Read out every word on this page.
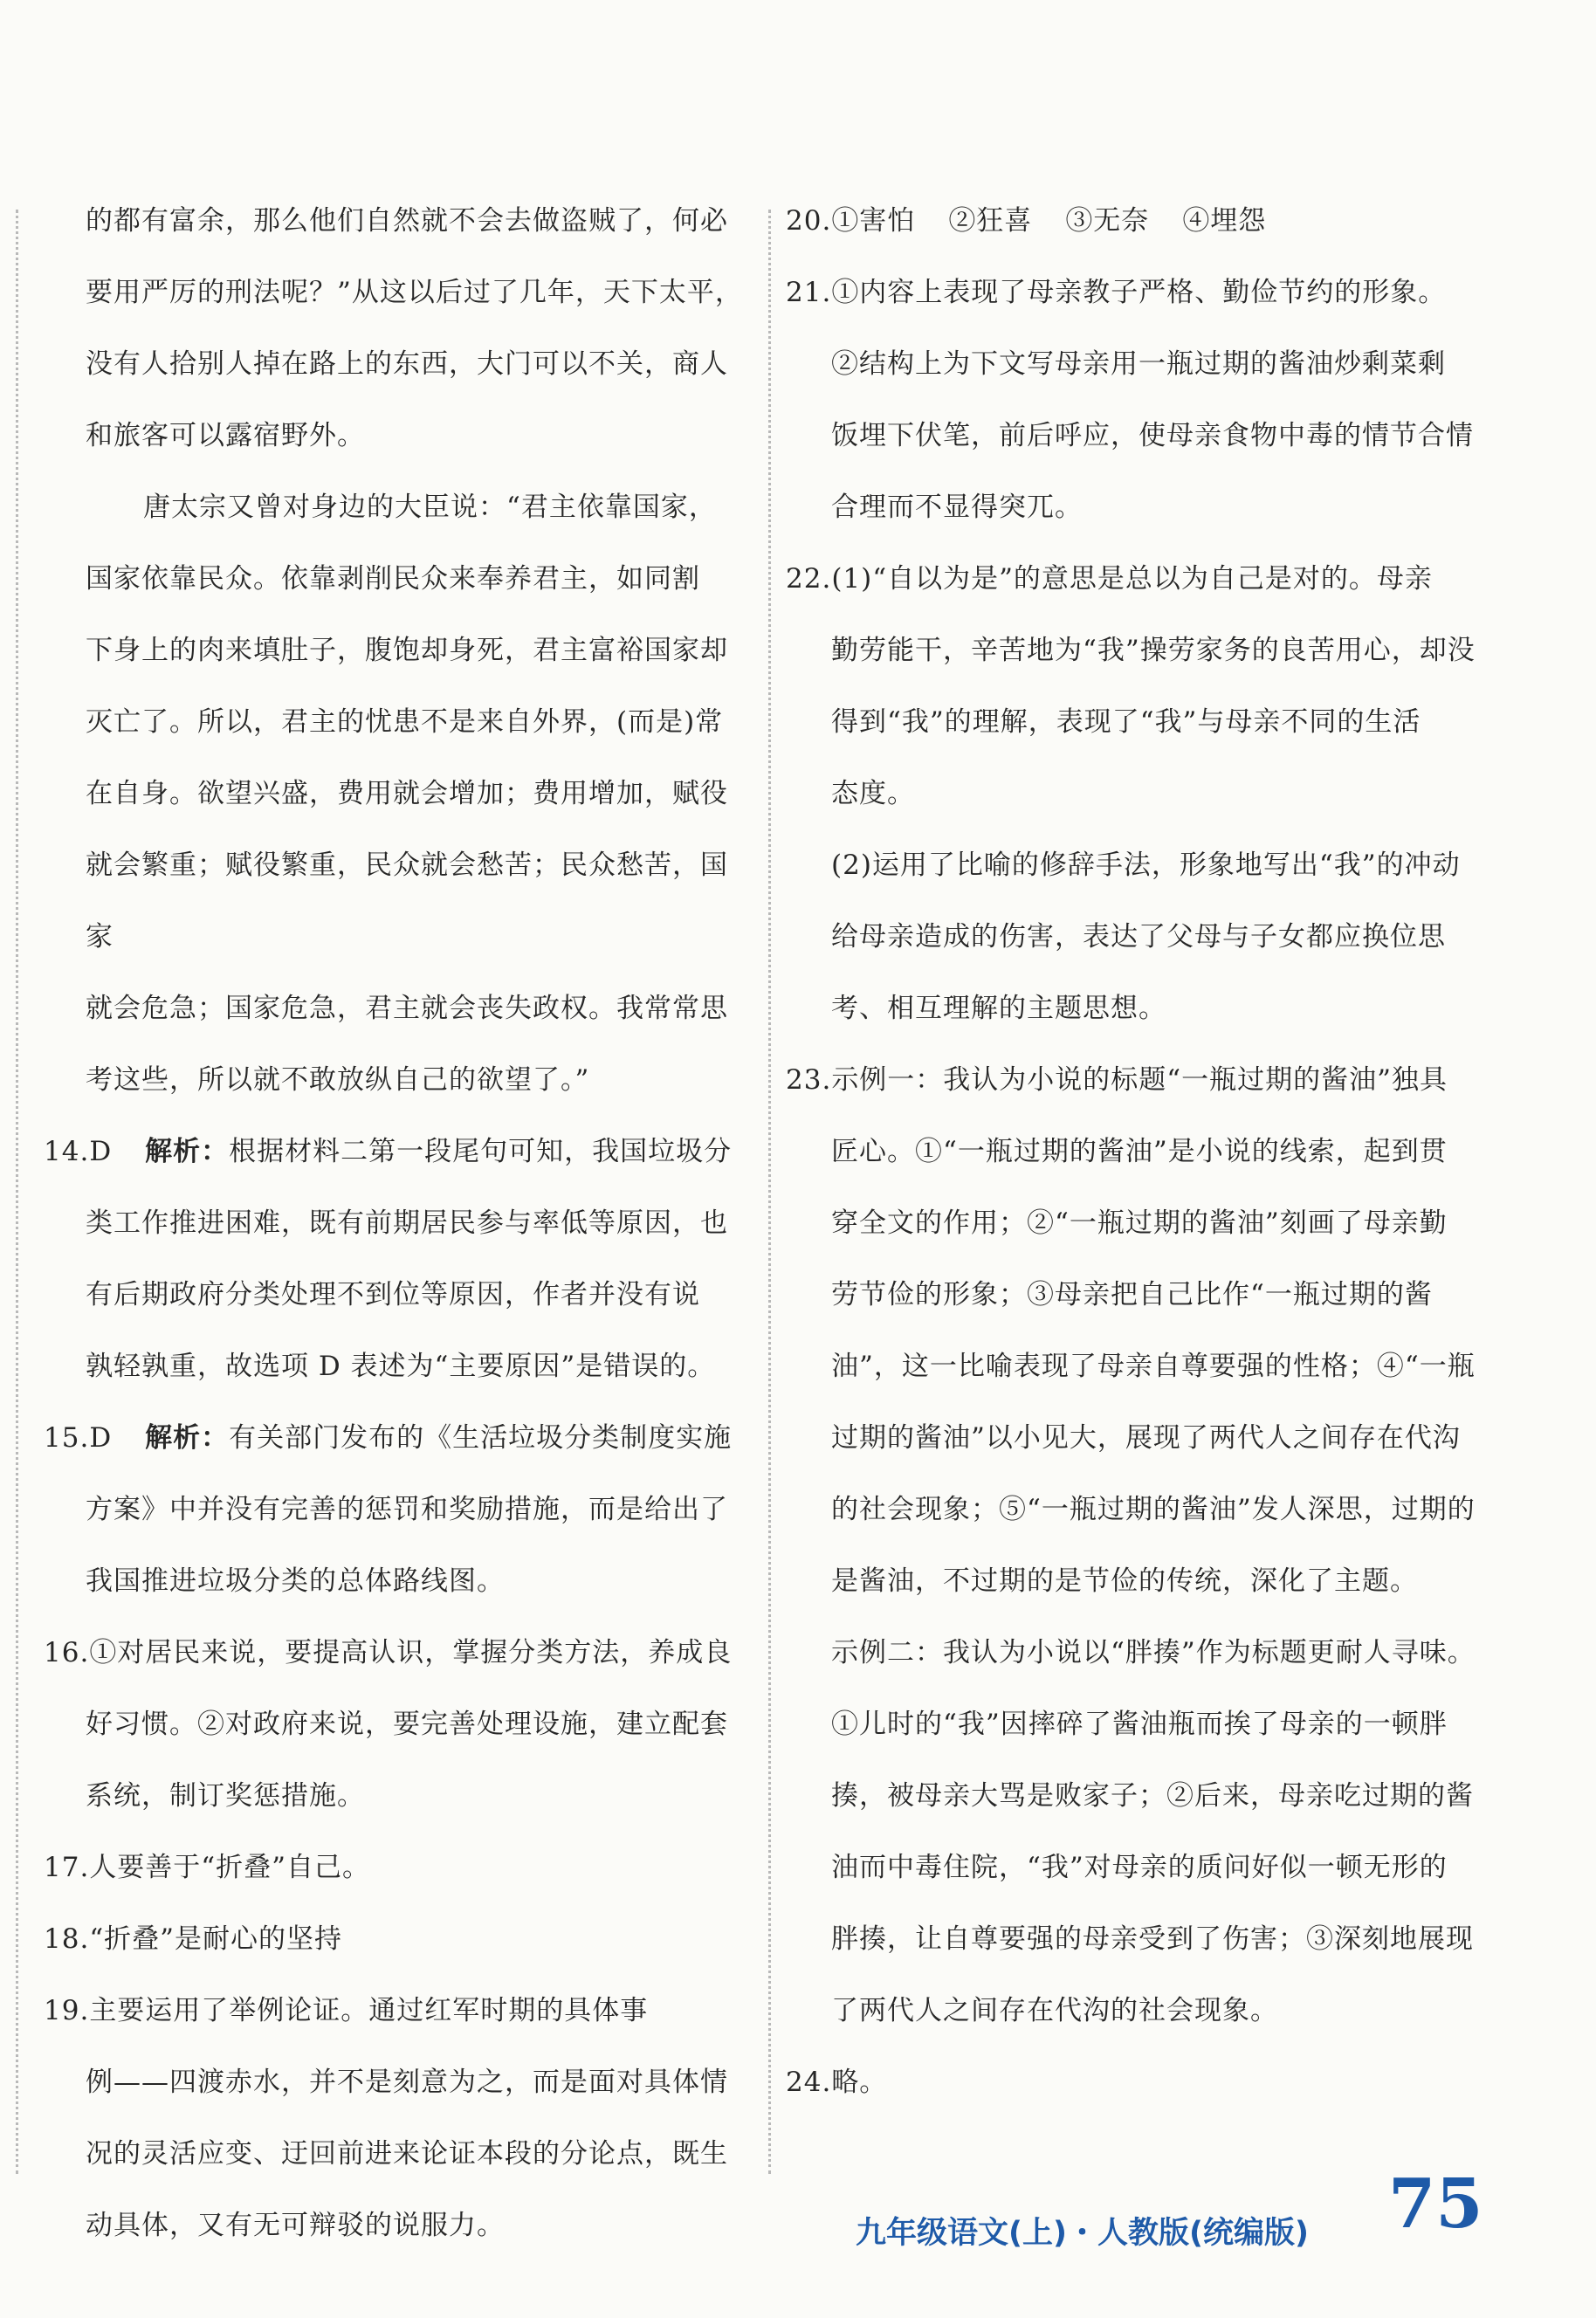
的都有富余，那么他们自然就不会去做盗贼了，何必

要用严厉的刑法呢？”从这以后过了几年，天下太平，

没有人拾别人掉在路上的东西，大门可以不关，商人

和旅客可以露宿野外。

唐太宗又曾对身边的大臣说：“君主依靠国家，

国家依靠民众。依靠剥削民众来奉养君主，如同割

下身上的肉来填肚子，腹饱却身死，君主富裕国家却

灭亡了。所以，君主的忧患不是来自外界，(而是)常

在自身。欲望兴盛，费用就会增加；费用增加，赋役

就会繁重；赋役繁重，民众就会愁苦；民众愁苦，国家

就会危急；国家危急，君主就会丧失政权。我常常思

考这些，所以就不敢放纵自己的欲望了。”

14.D 解析：根据材料二第一段尾句可知，我国垃圾分

类工作推进困难，既有前期居民参与率低等原因，也

有后期政府分类处理不到位等原因，作者并没有说

孰轻孰重，故选项 D 表述为“主要原因”是错误的。

15.D 解析：有关部门发布的《生活垃圾分类制度实施

方案》中并没有完善的惩罚和奖励措施，而是给出了

我国推进垃圾分类的总体路线图。

16.①对居民来说，要提高认识，掌握分类方法，养成良

好习惯。②对政府来说，要完善处理设施，建立配套

系统，制订奖惩措施。

17.人要善于“折叠”自己。

18.“折叠”是耐心的坚持

19.主要运用了举例论证。通过红军时期的具体事

例——四渡赤水，并不是刻意为之，而是面对具体情

况的灵活应变、迂回前进来论证本段的分论点，既生

动具体，又有无可辩驳的说服力。

20.①害怕 ②狂喜 ③无奈 ④埋怨

21.①内容上表现了母亲教子严格、勤俭节约的形象。

②结构上为下文写母亲用一瓶过期的酱油炒剩菜剩

饭埋下伏笔，前后呼应，使母亲食物中毒的情节合情

合理而不显得突兀。

22.(1)“自以为是”的意思是总以为自己是对的。母亲

勤劳能干，辛苦地为“我”操劳家务的良苦用心，却没

得到“我”的理解，表现了“我”与母亲不同的生活

态度。

(2)运用了比喻的修辞手法，形象地写出“我”的冲动

给母亲造成的伤害，表达了父母与子女都应换位思

考、相互理解的主题思想。

23.示例一：我认为小说的标题“一瓶过期的酱油”独具

匠心。①“一瓶过期的酱油”是小说的线索，起到贯

穿全文的作用；②“一瓶过期的酱油”刻画了母亲勤

劳节俭的形象；③母亲把自己比作“一瓶过期的酱

油”，这一比喻表现了母亲自尊要强的性格；④“一瓶

过期的酱油”以小见大，展现了两代人之间存在代沟

的社会现象；⑤“一瓶过期的酱油”发人深思，过期的

是酱油，不过期的是节俭的传统，深化了主题。

示例二：我认为小说以“胖揍”作为标题更耐人寻味。

①儿时的“我”因摔碎了酱油瓶而挨了母亲的一顿胖

揍，被母亲大骂是败家子；②后来，母亲吃过期的酱

油而中毒住院，“我”对母亲的质问好似一顿无形的

胖揍，让自尊要强的母亲受到了伤害；③深刻地展现

了两代人之间存在代沟的社会现象。

24.略。

九年级语文(上)・人教版(统编版) 75
